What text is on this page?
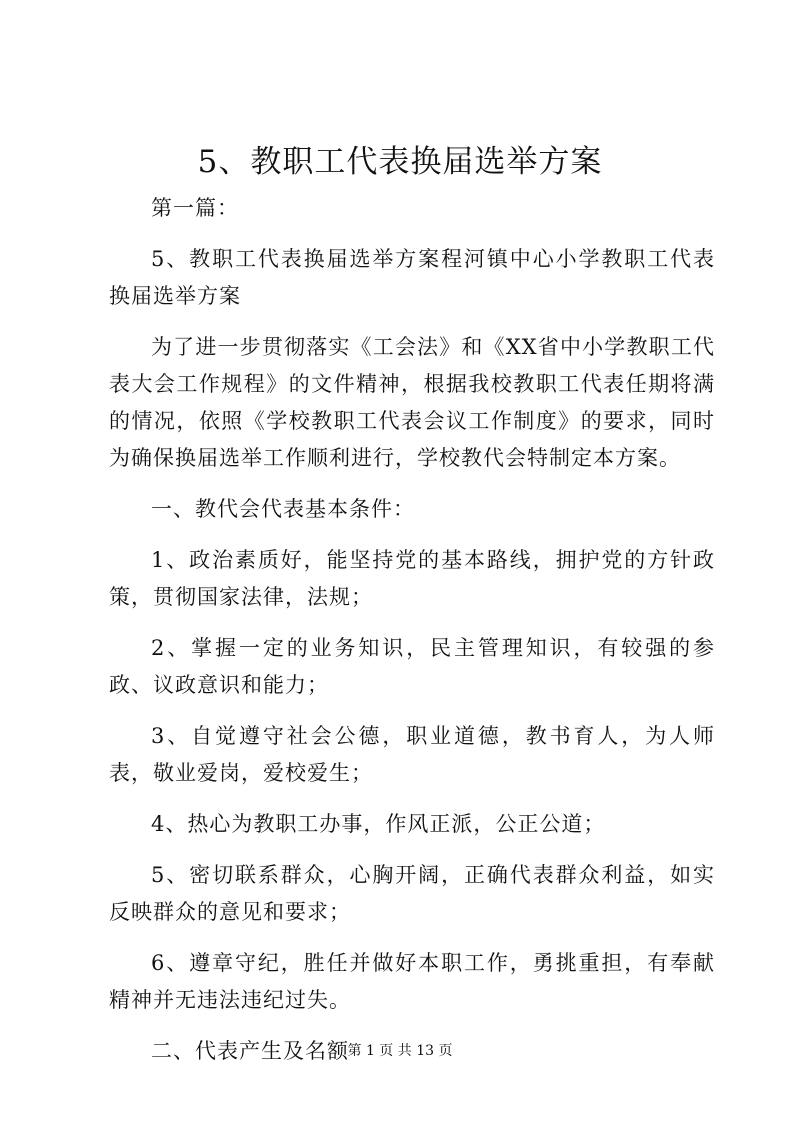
5、教职工代表换届选举方案

第一篇：

5、教职工代表换届选举方案程河镇中心小学教职工代表换届选举方案

为了进一步贯彻落实《工会法》和《XX省中小学教职工代表大会工作规程》的文件精神，根据我校教职工代表任期将满的情况，依照《学校教职工代表会议工作制度》的要求，同时为确保换届选举工作顺利进行，学校教代会特制定本方案。

一、教代会代表基本条件：

1、政治素质好，能坚持党的基本路线，拥护党的方针政策，贯彻国家法律，法规；

2、掌握一定的业务知识，民主管理知识，有较强的参政、议政意识和能力；

3、自觉遵守社会公德，职业道德，教书育人，为人师表，敬业爱岗，爱校爱生；

4、热心为教职工办事，作风正派，公正公道；

5、密切联系群众，心胸开阔，正确代表群众利益，如实反映群众的意见和要求；

6、遵章守纪，胜任并做好本职工作，勇挑重担，有奉献精神并无违法违纪过失。

二、代表产生及名额

第 1 页 共 13 页
